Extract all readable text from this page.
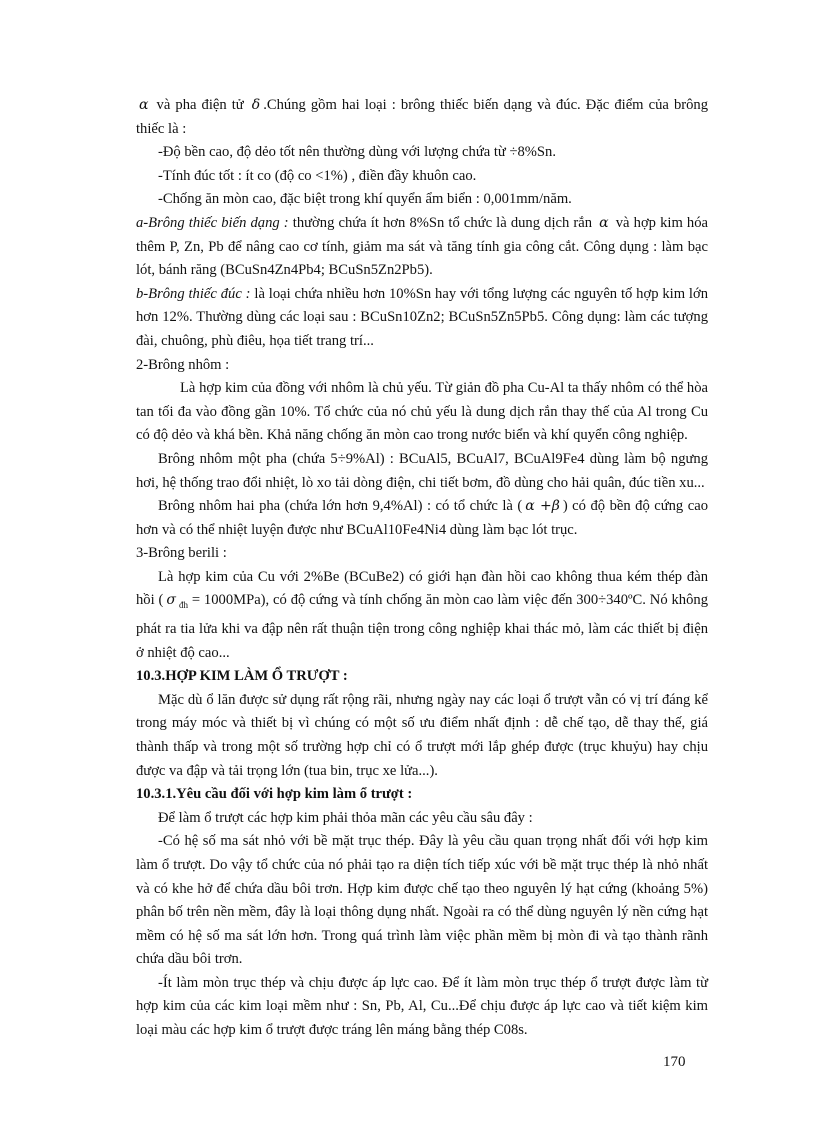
α và pha điện tử δ .Chúng gồm hai loại : brông thiếc biến dạng và đúc. Đặc điểm của brông thiếc là :

-Độ bền cao, độ dẻo tốt nên thường dùng với lượng chứa từ ÷8%Sn.

-Tính đúc tốt : ít co (độ co <1%) , điền đầy khuôn cao.

-Chống ăn mòn cao, đặc biệt trong khí quyển ẩm biển : 0,001mm/năm.

a-Brông thiếc biến dạng : thường chứa ít hơn 8%Sn tổ chức là dung dịch rắn α và hợp kim hóa thêm P, Zn, Pb để nâng cao cơ tính, giảm ma sát và tăng tính gia công cắt. Công dụng : làm bạc lót, bánh răng (BCuSn4Zn4Pb4; BCuSn5Zn2Pb5).

b-Brông thiếc đúc : là loại chứa nhiều hơn 10%Sn hay với tổng lượng các nguyên tố hợp kim lớn hơn 12%. Thường dùng các loại sau : BCuSn10Zn2; BCuSn5Zn5Pb5. Công dụng: làm các tượng đài, chuông, phù điêu, họa tiết trang trí...

2-Brông nhôm :

Là hợp kim của đồng với nhôm là chủ yếu. Từ giản đồ pha Cu-Al ta thấy nhôm có thể hòa tan tối đa vào đồng gần 10%. Tổ chức của nó chủ yếu là dung dịch rắn thay thế của Al trong Cu có độ dẻo và khá bền. Khả năng chống ăn mòn cao trong nước biển và khí quyển công nghiệp.

Brông nhôm một pha (chứa 5÷9%Al) : BCuAl5, BCuAl7, BCuAl9Fe4 dùng làm bộ ngưng hơi, hệ thống trao đổi nhiệt, lò xo tải dòng điện, chi tiết bơm, đồ dùng cho hải quân, đúc tiền xu...

Brông nhôm hai pha (chứa lớn hơn 9,4%Al) : có tổ chức là ( α +β ) có độ bền độ cứng cao hơn và có thể nhiệt luyện được như BCuAl10Fe4Ni4 dùng làm bạc lót trục.

3-Brông berili :

Là hợp kim của Cu với 2%Be (BCuBe2) có giới hạn đàn hồi cao không thua kém thép đàn hồi ( σ $_{đh}$ = 1000MPa), có độ cứng và tính chống ăn mòn cao làm việc đến 300÷340ºC. Nó không phát ra tia lửa khi va đập nên rất thuận tiện trong công nghiệp khai thác mỏ, làm các thiết bị điện ở nhiệt độ cao...

10.3.HỢP KIM LÀM Ổ TRƯỢT :

Mặc dù ổ lăn được sử dụng rất rộng rãi, nhưng ngày nay các loại ổ trượt vẫn có vị trí đáng kể trong máy móc và thiết bị vì chúng có một số ưu điểm nhất định : dễ chế tạo, dễ thay thế, giá thành thấp và trong một số trường hợp chỉ có ổ trượt mới lắp ghép được (trục khuỷu) hay chịu được va đập và tải trọng lớn (tua bin, trục xe lửa...).

10.3.1.Yêu cầu đối với hợp kim làm ổ trượt :

Để làm ổ trượt các hợp kim phải thỏa mãn các yêu cầu sâu đây :

-Có hệ số ma sát nhỏ với bề mặt trục thép. Đây là yêu cầu quan trọng nhất đối với hợp kim làm ổ trượt. Do vậy tổ chức của nó phải tạo ra diện tích tiếp xúc với bề mặt trục thép là nhỏ nhất và có khe hở để chứa dầu bôi trơn. Hợp kim được chế tạo theo nguyên lý hạt cứng (khoảng 5%) phân bố trên nền mềm, đây là loại thông dụng nhất. Ngoài ra có thể dùng nguyên lý nền cứng hạt mềm có hệ số ma sát lớn hơn. Trong quá trình làm việc phần mềm bị mòn đi và tạo thành rãnh chứa dầu bôi trơn.

-Ít làm mòn trục thép và chịu được áp lực cao. Để ít làm mòn trục thép ổ trượt được làm từ hợp kim của các kim loại mềm như : Sn, Pb, Al, Cu...Để chịu được áp lực cao và tiết kiệm kim loại màu các hợp kim ổ trượt được tráng lên máng bằng thép C08s.

170
